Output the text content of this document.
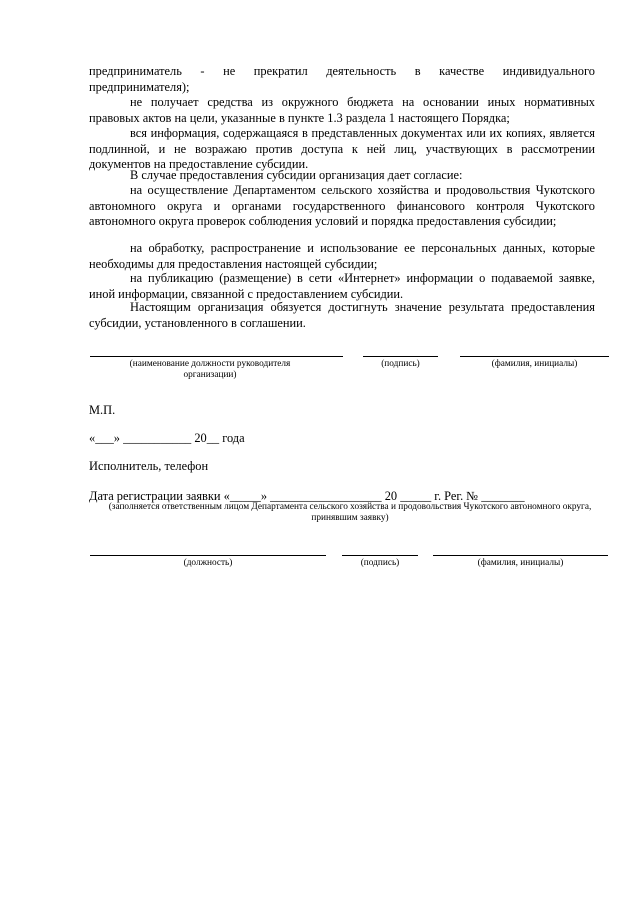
предприниматель - не прекратил деятельность в качестве индивидуального
предпринимателя);

не получает средства из окружного бюджета на основании иных нормативных правовых актов на цели, указанные в пункте 1.3 раздела 1 настоящего Порядка;

вся информация, содержащаяся в представленных документах или их копиях, является подлинной, и не возражаю против доступа к ней лиц, участвующих в рассмотрении документов на предоставление субсидии.

В случае предоставления субсидии организация дает согласие:

на осуществление Департаментом сельского хозяйства и продовольствия Чукотского автономного округа и органами государственного финансового контроля Чукотского автономного округа проверок соблюдения условий и порядка предоставления субсидии;

на обработку, распространение и использование ее персональных данных, которые необходимы для предоставления настоящей субсидии;

на публикацию (размещение) в сети «Интернет» информации о подаваемой заявке, иной информации, связанной с предоставлением субсидии.

Настоящим организация обязуется достигнуть значение результата предоставления субсидии, установленного в соглашении.

(наименование должности руководителя организации)
(подпись)	(фамилия, инициалы)
М.П.
«___» ___________ 20__ года
Исполнитель, телефон
Дата регистрации заявки «_____» __________________ 20 _____ г. Рег. № _______
(заполняется ответственным лицом Департамента сельского хозяйства и продовольствия Чукотского автономного округа, принявшим заявку)
(должность)	(подпись)	(фамилия, инициалы)
